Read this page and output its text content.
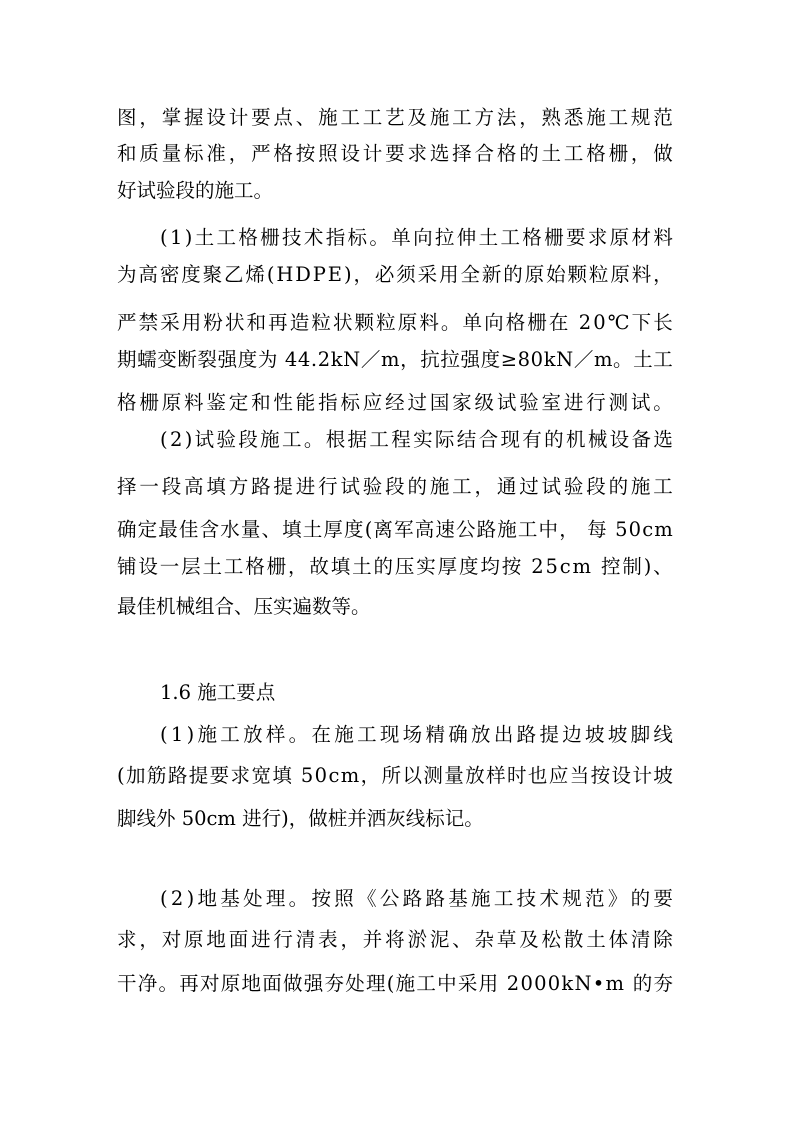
图 ， 掌 握 设 计 要 点 、 施 工 工 艺 及 施 工 方 法 ， 熟 悉 施 工 规 范
和 质 量 标 准 ， 严 格 按 照 设 计 要 求 选 择 合 格 的 土 工 格 栅 ， 做
好试验段的施工。
( 1 ) 土 工 格 栅 技 术 指 标 。 单 向 拉 伸 土 工 格 栅 要 求 原 材 料
为 高 密 度 聚 乙 烯 ( H D P E ) ， 必 须 采 用 全 新 的 原 始 颗 粒 原 料 ，
严 禁 采 用 粉 状 和 再 造 粒 状 颗 粒 原 料 。 单 向 格 栅 在
2 0 ℃ 下 长
期 蠕 变 断 裂 强 度 为
4 4 . 2 k N ／ m ， 抗 拉 强 度 ≥ 8 0 k N ／ m 。 土 工
格 栅 原 料 鉴 定 和 性 能 指 标 应 经 过 国 家 级 试 验 室 进 行 测 试 。
( 2 ) 试 验 段 施 工 。 根 据 工 程 实 际 结 合 现 有 的 机 械 设 备 选
择 一 段 高 填 方 路 提 进 行 试 验 段 的 施 工 ， 通 过 试 验 段 的 施 工
确 定 最 佳 含 水 量 、 填 土 厚 度 ( 离 军 高 速 公 路 施 工 中 ，
每
5 0 c m
铺 设 一 层 土 工 格 栅 ， 故 填 土 的 压 实 厚 度 均 按
2 5 c m
控 制 ) 、
最佳机械组合、压实遍数等。
1.6 施工要点
( 1 ) 施 工 放 样 。 在 施 工 现 场 精 确 放 出 路 提 边 坡 坡 脚 线
( 加 筋 路 提 要 求 宽 填
5 0 c m ， 所 以 测 量 放 样 时 也 应 当 按 设 计 坡
脚线外 50cm 进行)，做桩并洒灰线标记。
( 2 ) 地 基 处 理 。 按 照 《 公 路 路 基 施 工 技 术 规 范 》 的 要
求 ， 对 原 地 面 进 行 清 表 ， 并 将 淤 泥 、 杂 草 及 松 散 土 体 清 除
干 净 。 再 对 原 地 面 做 强 夯 处 理 ( 施 工 中 采 用
2 0 0 0 k N • m
的 夯
